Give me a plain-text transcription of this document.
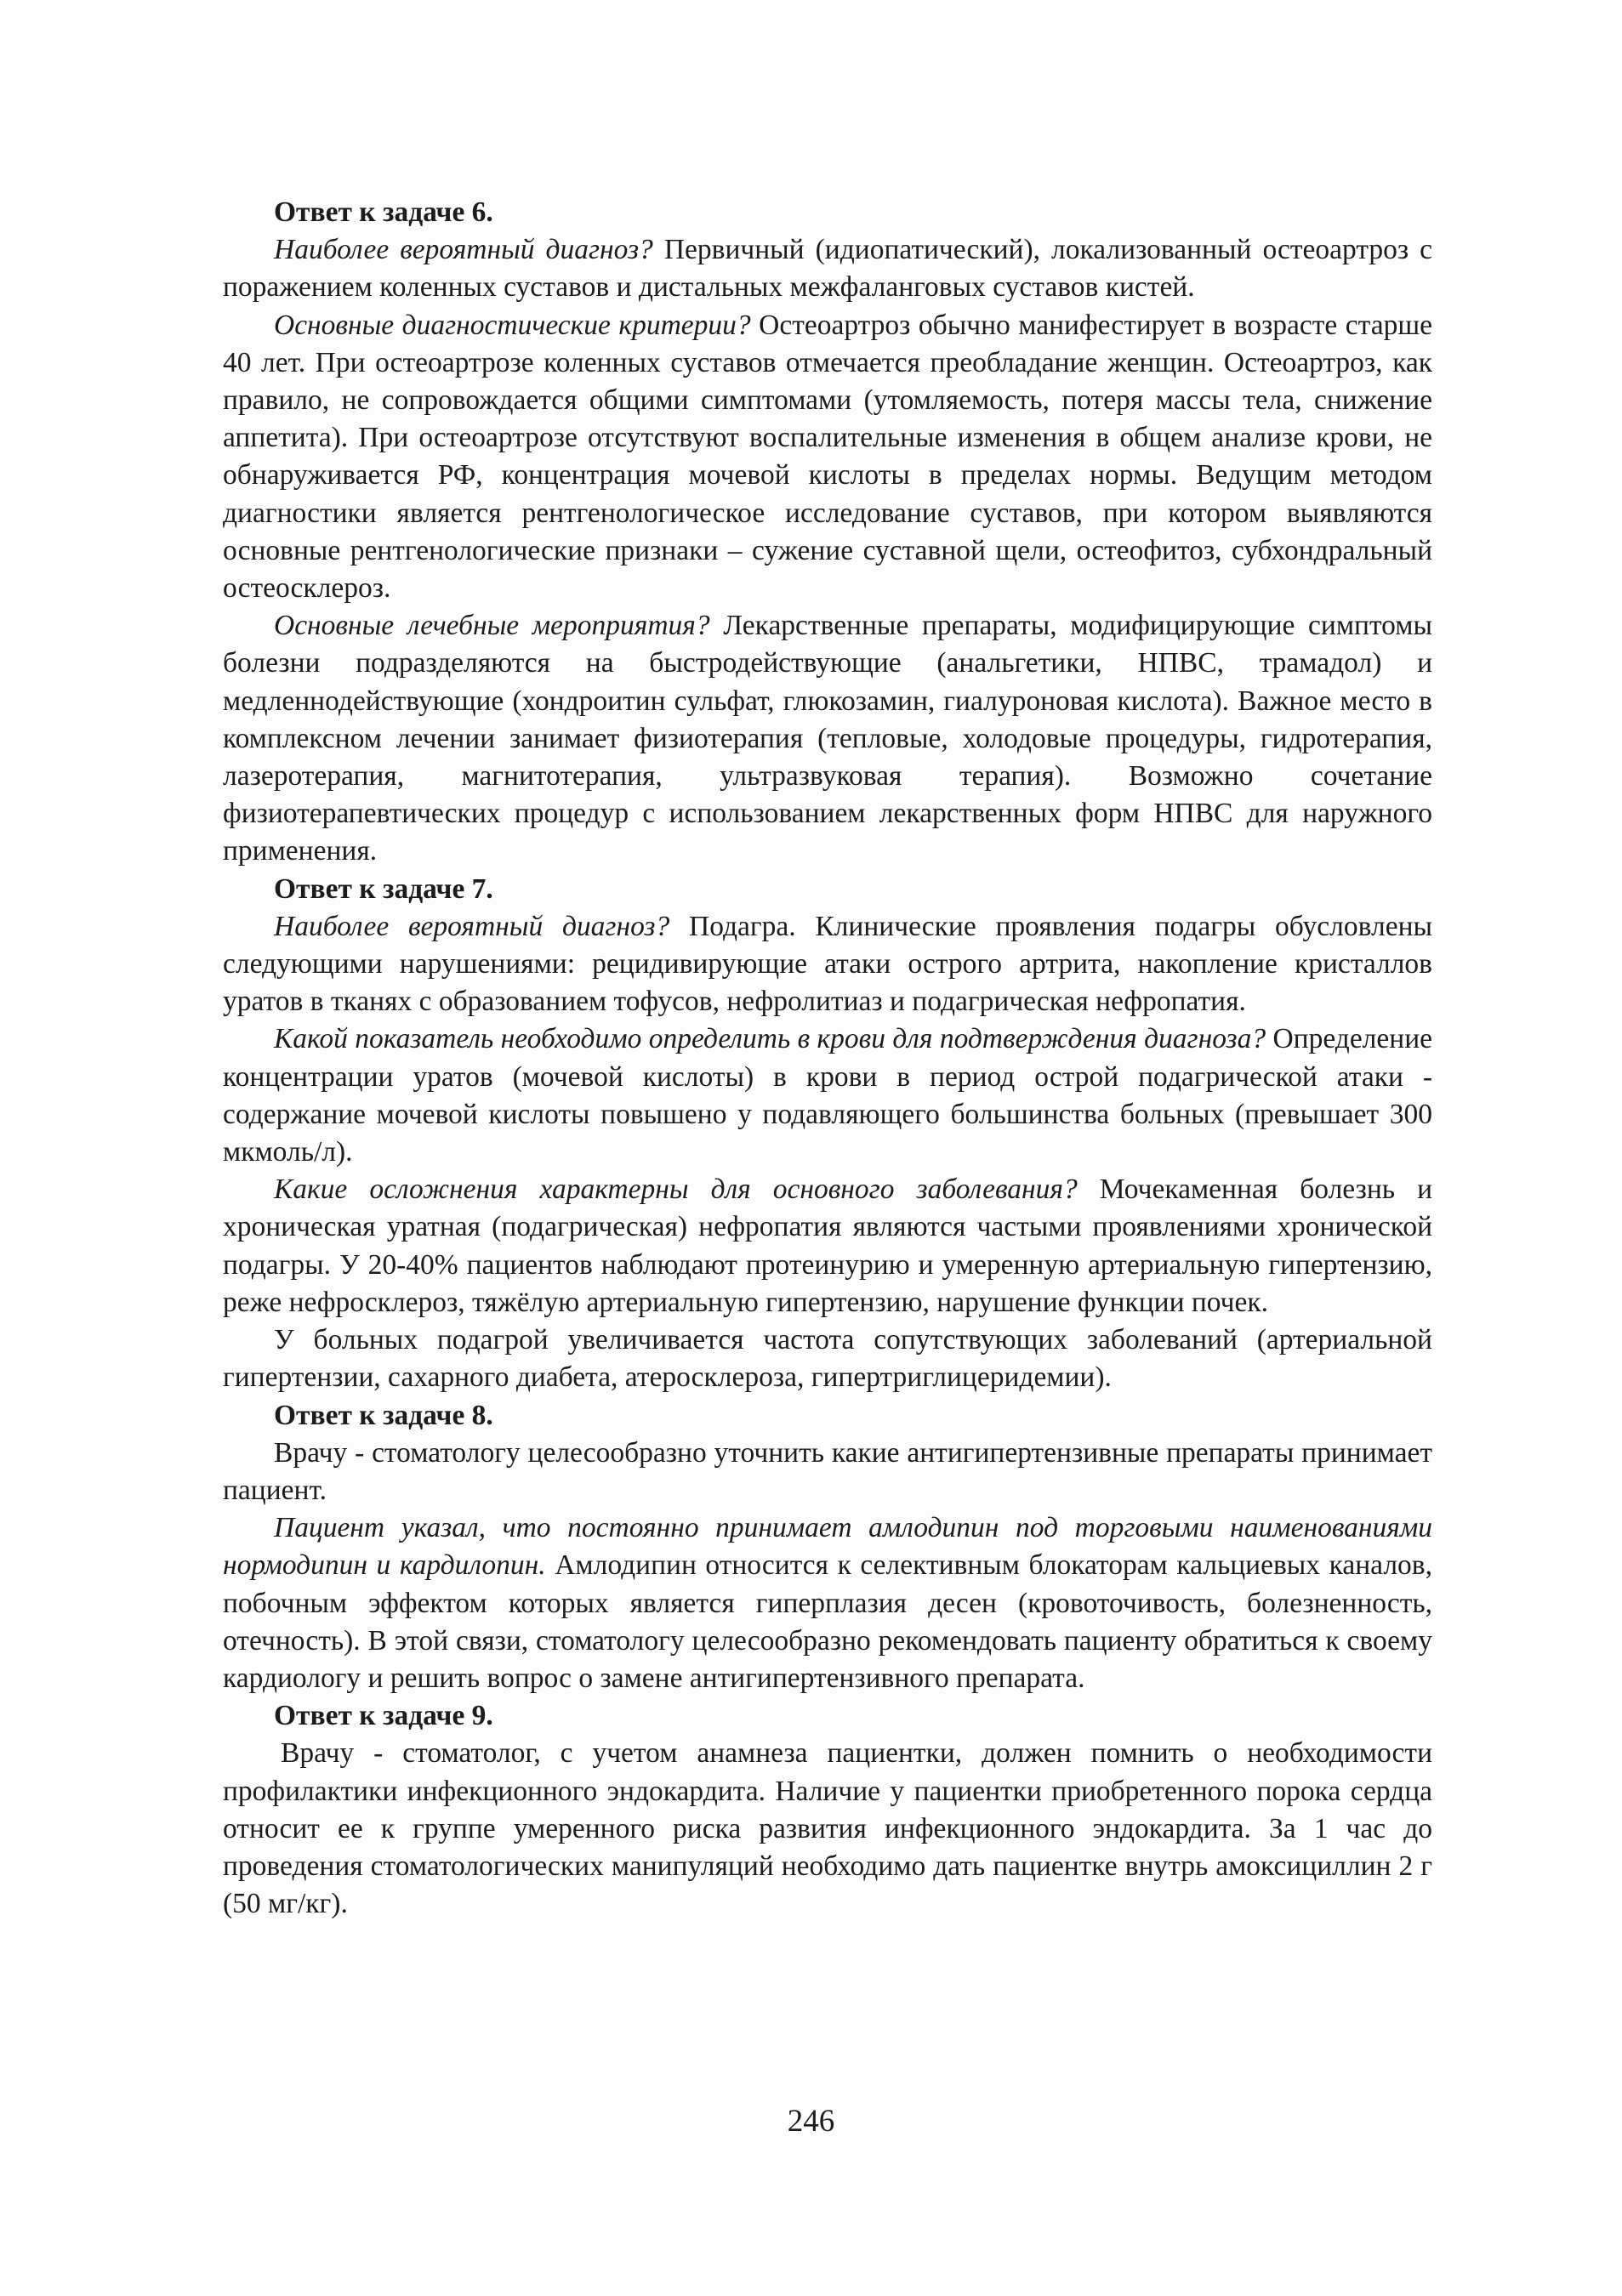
Ответ к задаче 6.

Наиболее вероятный диагноз? Первичный (идиопатический), локализованный остеоартроз с поражением коленных суставов и дистальных межфаланговых суставов кистей.

Основные диагностические критерии? Остеоартроз обычно манифестирует в возрасте старше 40 лет. При остеоартрозе коленных суставов отмечается преобладание женщин. Остеоартроз, как правило, не сопровождается общими симптомами (утомляемость, потеря массы тела, снижение аппетита). При остеоартрозе отсутствуют воспалительные изменения в общем анализе крови, не обнаруживается РФ, концентрация мочевой кислоты в пределах нормы. Ведущим методом диагностики является рентгенологическое исследование суставов, при котором выявляются основные рентгенологические признаки – сужение суставной щели, остеофитоз, субхондральный остеосклероз.

Основные лечебные мероприятия? Лекарственные препараты, модифицирующие симптомы болезни подразделяются на быстродействующие (анальгетики, НПВС, трамадол) и медленнодействующие (хондроитин сульфат, глюкозамин, гиалуроновая кислота). Важное место в комплексном лечении занимает физиотерапия (тепловые, холодовые процедуры, гидротерапия, лазеротерапия, магнитотерапия, ультразвуковая терапия). Возможно сочетание физиотерапевтических процедур с использованием лекарственных форм НПВС для наружного применения.

Ответ к задаче 7.

Наиболее вероятный диагноз? Подагра. Клинические проявления подагры обусловлены следующими нарушениями: рецидивирующие атаки острого артрита, накопление кристаллов уратов в тканях с образованием тофусов, нефролитиаз и подагрическая нефропатия.

Какой показатель необходимо определить в крови для подтверждения диагноза? Определение концентрации уратов (мочевой кислоты) в крови в период острой подагрической атаки - содержание мочевой кислоты повышено у подавляющего большинства больных (превышает 300 мкмоль/л).

Какие осложнения характерны для основного заболевания? Мочекаменная болезнь и хроническая уратная (подагрическая) нефропатия являются частыми проявлениями хронической подагры. У 20-40% пациентов наблюдают протеинурию и умеренную артериальную гипертензию, реже нефросклероз, тяжёлую артериальную гипертензию, нарушение функции почек.

У больных подагрой увеличивается частота сопутствующих заболеваний (артериальной гипертензии, сахарного диабета, атеросклероза, гипертриглицеридемии).

Ответ к задаче 8.

Врачу - стоматологу целесообразно уточнить какие антигипертензивные препараты принимает пациент.

Пациент указал, что постоянно принимает амлодипин под торговыми наименованиями нормодипин и кардилопин. Амлодипин относится к селективным блокаторам кальциевых каналов, побочным эффектом которых является гиперплазия десен (кровоточивость, болезненность, отечность). В этой связи, стоматологу целесообразно рекомендовать пациенту обратиться к своему кардиологу и решить вопрос о замене антигипертензивного препарата.

Ответ к задаче 9.

Врачу - стоматолог, с учетом анамнеза пациентки, должен помнить о необходимости профилактики инфекционного эндокардита. Наличие у пациентки приобретенного порока сердца относит ее к группе умеренного риска развития инфекционного эндокардита. За 1 час до проведения стоматологических манипуляций необходимо дать пациентке внутрь амоксициллин 2 г (50 мг/кг).

246
